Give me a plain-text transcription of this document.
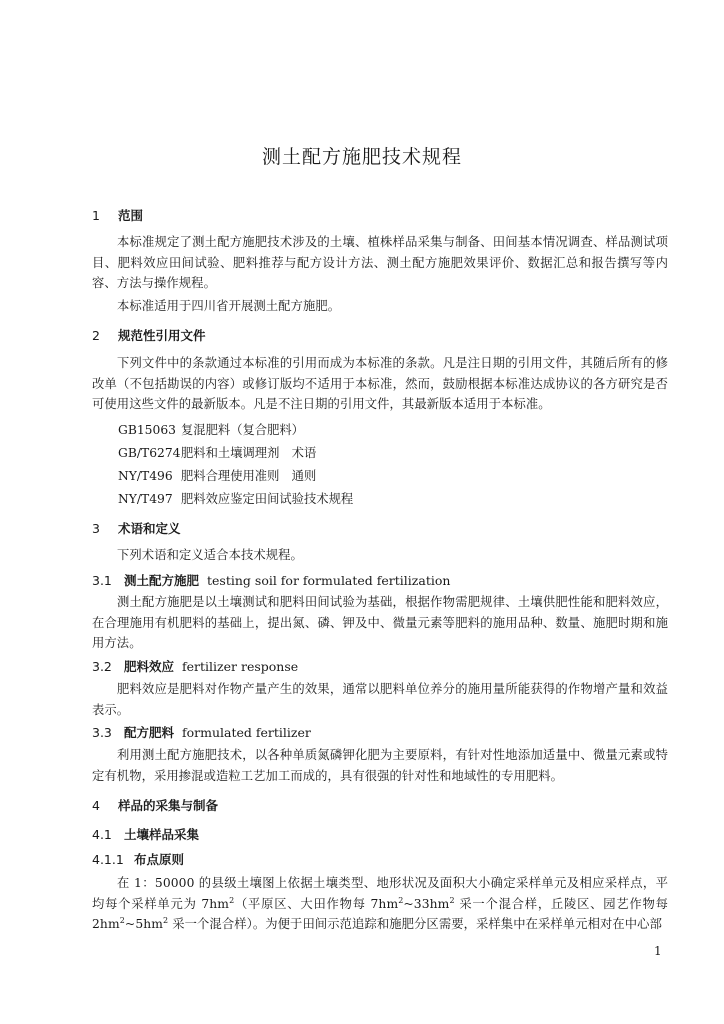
测土配方施肥技术规程
1 范围
本标准规定了测土配方施肥技术涉及的土壤、植株样品采集与制备、田间基本情况调查、样品测试项目、肥料效应田间试验、肥料推荐与配方设计方法、测土配方施肥效果评价、数据汇总和报告撰写等内容、方法与操作规程。
本标准适用于四川省开展测土配方施肥。
2 规范性引用文件
下列文件中的条款通过本标准的引用而成为本标准的条款。凡是注日期的引用文件，其随后所有的修改单（不包括勘误的内容）或修订版均不适用于本标准，然而，鼓励根据本标准达成协议的各方研究是否可使用这些文件的最新版本。凡是不注日期的引用文件，其最新版本适用于本标准。
GB15063 复混肥料（复合肥料）
GB/T6274肥料和土壤调理剂　术语
NY/T496 肥料合理使用准则　通则
NY/T497 肥料效应鉴定田间试验技术规程
3 术语和定义
下列术语和定义适合本技术规程。
3.1 测土配方施肥 testing soil for formulated fertilization
测土配方施肥是以土壤测试和肥料田间试验为基础，根据作物需肥规律、土壤供肥性能和肥料效应，在合理施用有机肥料的基础上，提出氮、磷、钾及中、微量元素等肥料的施用品种、数量、施肥时期和施用方法。
3.2 肥料效应 fertilizer response
肥料效应是肥料对作物产量产生的效果，通常以肥料单位养分的施用量所能获得的作物增产量和效益表示。
3.3 配方肥料 formulated fertilizer
利用测土配方施肥技术，以各种单质氮磷钾化肥为主要原料，有针对性地添加适量中、微量元素或特定有机物，采用掺混或造粒工艺加工而成的，具有很强的针对性和地域性的专用肥料。
4 样品的采集与制备
4.1 土壤样品采集
4.1.1 布点原则
在 1：50000 的县级土壤图上依据土壤类型、地形状况及面积大小确定采样单元及相应采样点，平均每个采样单元为 $7hm^2$（平原区、大田作物每 $7hm^2\sim 33hm^2$ 采一个混合样，丘陵区、园艺作物每 $2hm^2\sim 5hm^2$ 采一个混合样）。为便于田间示范追踪和施肥分区需要，采样集中在采样单元相对在中心部
1
